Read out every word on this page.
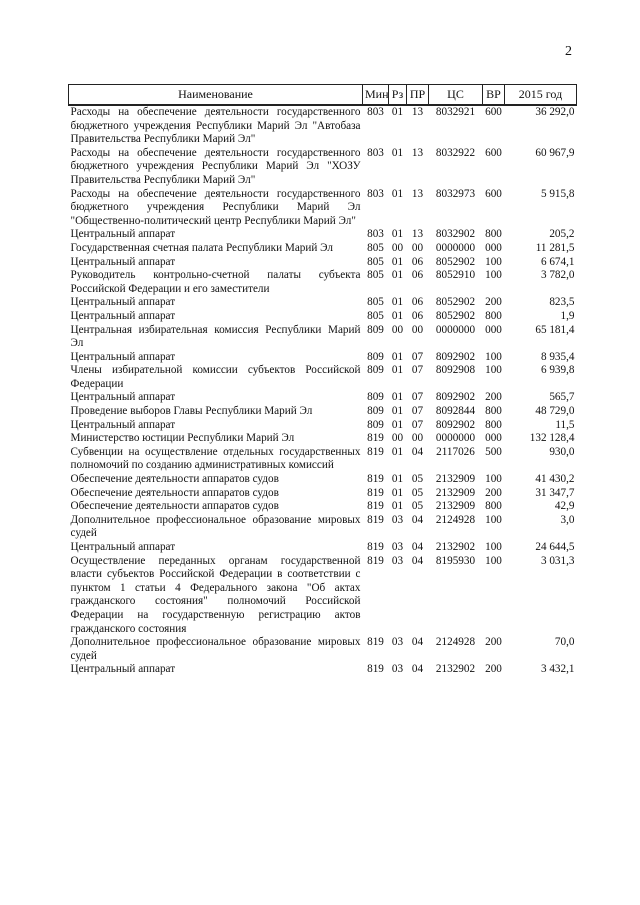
2
Наименование	Мин	Рз	ПР	ЦС	ВР	2015 год
Расходы на обеспечение деятельности государственного бюджетного учреждения Республики Марий Эл "Автобаза Правительства Республики Марий Эл"	803	01	13	8032921	600	36 292,0
Расходы на обеспечение деятельности государственного бюджетного учреждения Республики Марий Эл "ХОЗУ Правительства Республики Марий Эл"	803	01	13	8032922	600	60 967,9
Расходы на обеспечение деятельности государственного бюджетного учреждения Республики Марий Эл "Общественно-политический центр Республики Марий Эл"	803	01	13	8032973	600	5 915,8
Центральный аппарат	803	01	13	8032902	800	205,2
Государственная счетная палата Республики Марий Эл	805	00	00	0000000	000	11 281,5
Центральный аппарат	805	01	06	8052902	100	6 674,1
Руководитель контрольно-счетной палаты субъекта Российской Федерации и его заместители	805	01	06	8052910	100	3 782,0
Центральный аппарат	805	01	06	8052902	200	823,5
Центральный аппарат	805	01	06	8052902	800	1,9
Центральная избирательная комиссия Республики Марий Эл	809	00	00	0000000	000	65 181,4
Центральный аппарат	809	01	07	8092902	100	8 935,4
Члены избирательной комиссии субъектов Российской Федерации	809	01	07	8092908	100	6 939,8
Центральный аппарат	809	01	07	8092902	200	565,7
Проведение выборов Главы Республики Марий Эл	809	01	07	8092844	800	48 729,0
Центральный аппарат	809	01	07	8092902	800	11,5
Министерство юстиции Республики Марий Эл	819	00	00	0000000	000	132 128,4
Субвенции на осуществление отдельных государственных полномочий по созданию административных комиссий	819	01	04	2117026	500	930,0
Обеспечение деятельности аппаратов судов	819	01	05	2132909	100	41 430,2
Обеспечение деятельности аппаратов судов	819	01	05	2132909	200	31 347,7
Обеспечение деятельности аппаратов судов	819	01	05	2132909	800	42,9
Дополнительное профессиональное образование мировых судей	819	03	04	2124928	100	3,0
Центральный аппарат	819	03	04	2132902	100	24 644,5
Осуществление переданных органам государственной власти субъектов Российской Федерации в соответствии с пунктом 1 статьи 4 Федерального закона "Об актах гражданского состояния" полномочий Российской Федерации на государственную регистрацию актов гражданского состояния	819	03	04	8195930	100	3 031,3
Дополнительное профессиональное образование мировых судей	819	03	04	2124928	200	70,0
Центральный аппарат	819	03	04	2132902	200	3 432,1
